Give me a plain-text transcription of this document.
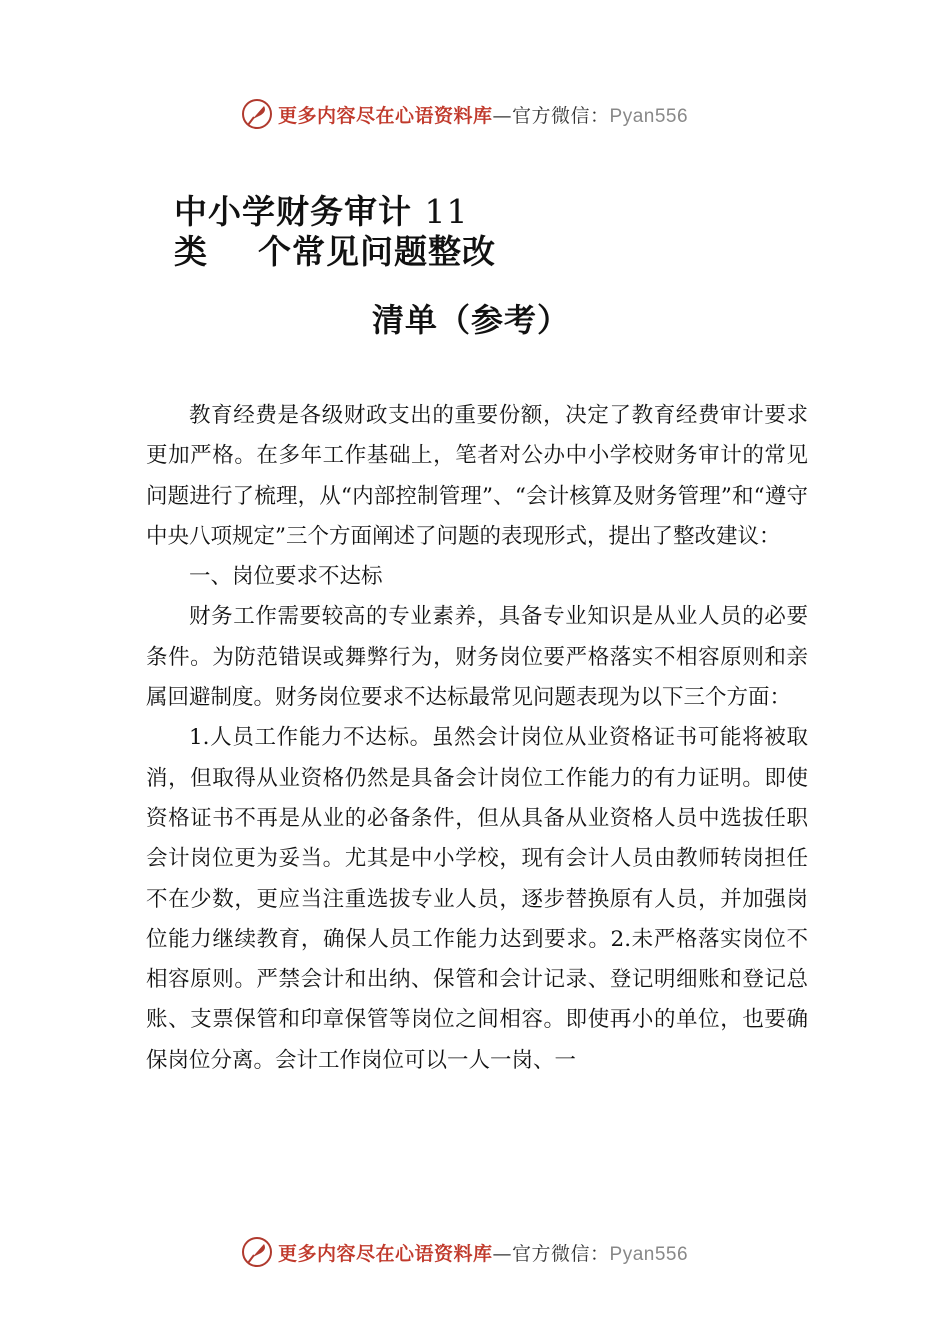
更多内容尽在心语资料库—官方微信：Pyan556
中小学财务审计 11
类 个常见问题整改
清单（参考）

教育经费是各级财政支出的重要份额，决定了教育经费审计要求更加严格。在多年工作基础上，笔者对公办中小学校财务审计的常见问题进行了梳理，从“内部控制管理”、“会计核算及财务管理”和“遵守中央八项规定”三个方面阐述了问题的表现形式，提出了整改建议：

一、岗位要求不达标

财务工作需要较高的专业素养，具备专业知识是从业人员的必要条件。为防范错误或舞弊行为，财务岗位要严格落实不相容原则和亲属回避制度。财务岗位要求不达标最常见问题表现为以下三个方面：

1.人员工作能力不达标。虽然会计岗位从业资格证书可能将被取消，但取得从业资格仍然是具备会计岗位工作能力的有力证明。即使资格证书不再是从业的必备条件，但从具备从业资格人员中选拔任职会计岗位更为妥当。尤其是中小学校，现有会计人员由教师转岗担任不在少数，更应当注重选拔专业人员，逐步替换原有人员，并加强岗位能力继续教育，确保人员工作能力达到要求。2.未严格落实岗位不相容原则。严禁会计和出纳、保管和会计记录、登记明细账和登记总账、支票保管和印章保管等岗位之间相容。即使再小的单位，也要确保岗位分离。会计工作岗位可以一人一岗、一

更多内容尽在心语资料库—官方微信：Pyan556
